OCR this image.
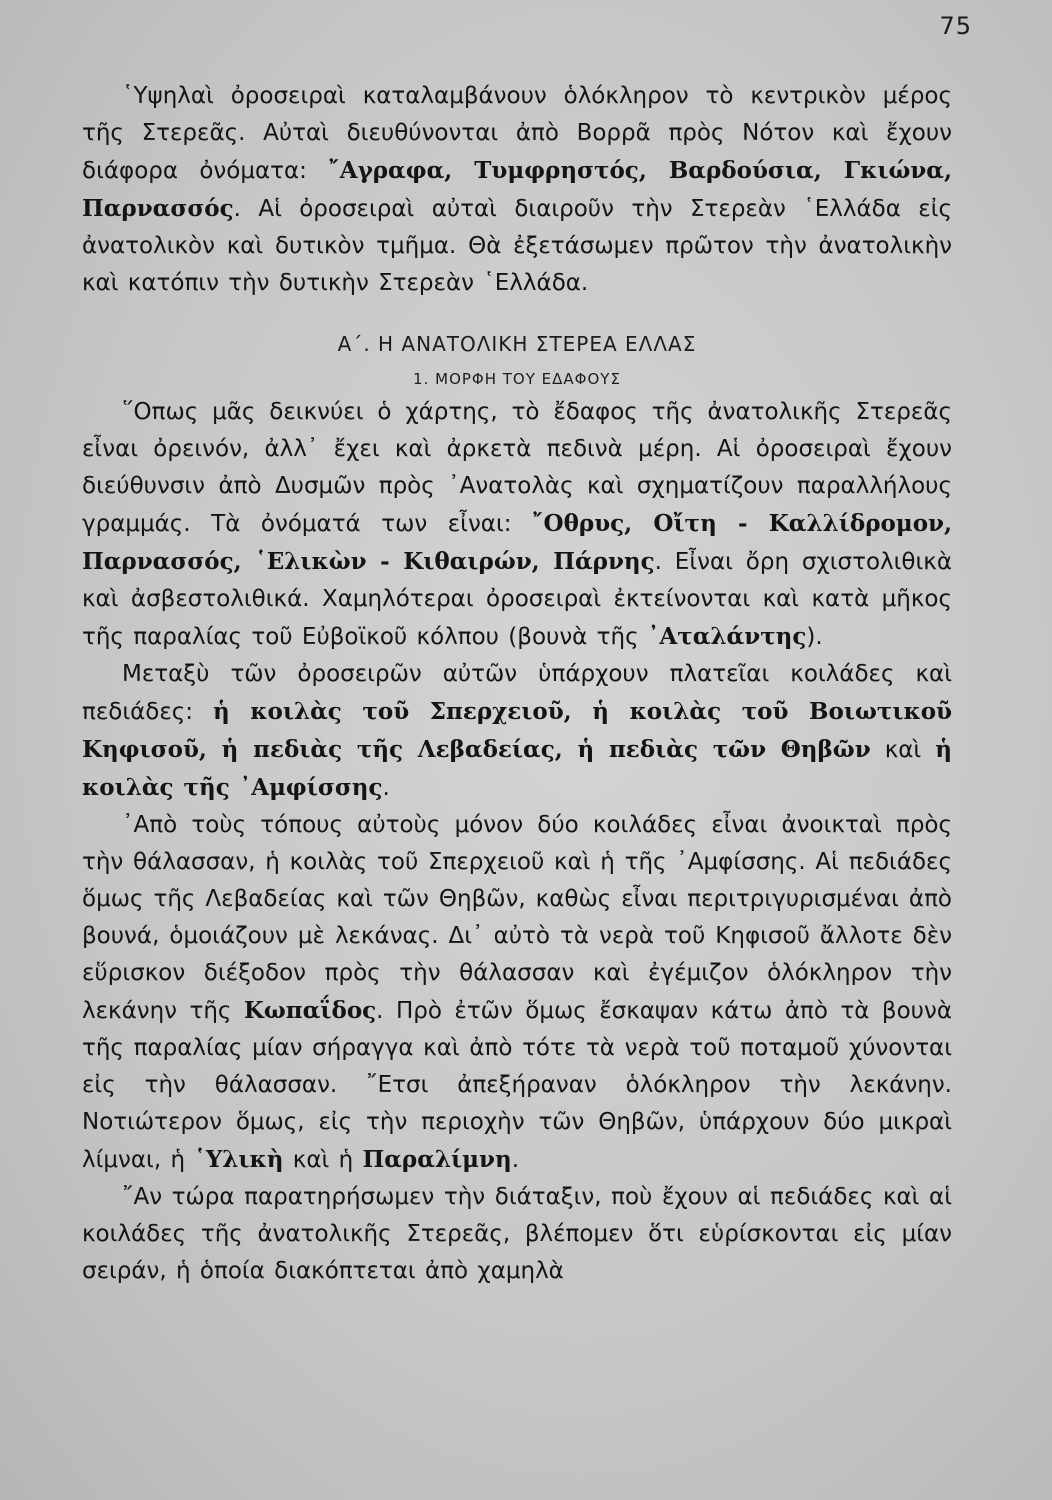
75

῾Υψηλαὶ ὀροσειραὶ καταλαμβάνουν ὁλόκληρον τὸ κεντρικὸν μέρος τῆς Στερεᾶς. Αὐταὶ διευθύνονται ἀπὸ Βορρᾶ πρὸς Νότον καὶ ἔχουν διάφορα ὀνόματα: ῎Αγραφα, Τυμφρηστός, Βαρδούσια, Γκιώνα, Παρνασσός. Αἱ ὀροσειραὶ αὐταὶ διαιροῦν τὴν Στερεὰν ῾Ελλάδα εἰς ἀνατολικὸν καὶ δυτικὸν τμῆμα. Θὰ ἐξετάσωμεν πρῶτον τὴν ἀνατολικὴν καὶ κατόπιν τὴν δυτικὴν Στερεὰν ῾Ελλάδα.

Α΄. Η ΑΝΑΤΟΛΙΚΗ ΣΤΕΡΕΑ ΕΛΛΑΣ
1. ΜΟΡΦΗ ΤΟΥ ΕΔΑΦΟΥΣ

῞Οπως μᾶς δεικνύει ὁ χάρτης, τὸ ἔδαφος τῆς ἀνατολικῆς Στερεᾶς εἶναι ὀρεινόν, ἀλλ᾽ ἔχει καὶ ἀρκετὰ πεδινὰ μέρη. Αἱ ὀροσειραὶ ἔχουν διεύθυνσιν ἀπὸ Δυσμῶν πρὸς ᾿Ανατολὰς καὶ σχηματίζουν παραλλήλους γραμμάς. Τὰ ὀνόματά των εἶναι: ῎Οθρυς, Οἴτη - Καλλίδρομον, Παρνασσός, ῾Ελικὼν - Κιθαιρών, Πάρνης. Εἶναι ὄρη σχιστολιθικὰ καὶ ἀσβεστολιθικά. Χαμηλότεραι ὀροσειραὶ ἐκτείνονται καὶ κατὰ μῆκος τῆς παραλίας τοῦ Εὐβοϊκοῦ κόλπου (βουνὰ τῆς ᾿Αταλάντης).

Μεταξὺ τῶν ὀροσειρῶν αὐτῶν ὑπάρχουν πλατεῖαι κοιλάδες καὶ πεδιάδες: ἡ κοιλὰς τοῦ Σπερχειοῦ, ἡ κοιλὰς τοῦ Βοιωτικοῦ Κηφισοῦ, ἡ πεδιὰς τῆς Λεβαδείας, ἡ πεδιὰς τῶν Θηβῶν καὶ ἡ κοιλὰς τῆς ᾿Αμφίσσης.

᾿Απὸ τοὺς τόπους αὐτοὺς μόνον δύο κοιλάδες εἶναι ἀνοικταὶ πρὸς τὴν θάλασσαν, ἡ κοιλὰς τοῦ Σπερχειοῦ καὶ ἡ τῆς ᾿Αμφίσσης. Αἱ πεδιάδες ὅμως τῆς Λεβαδείας καὶ τῶν Θηβῶν, καθὼς εἶναι περιτριγυρισμέναι ἀπὸ βουνά, ὁμοιάζουν μὲ λεκάνας. Δι᾽ αὐτὸ τὰ νερὰ τοῦ Κηφισοῦ ἄλλοτε δὲν εὕρισκον διέξοδον πρὸς τὴν θάλασσαν καὶ ἐγέμιζον ὁλόκληρον τὴν λεκάνην τῆς Κωπαΐδος. Πρὸ ἐτῶν ὅμως ἔσκαψαν κάτω ἀπὸ τὰ βουνὰ τῆς παραλίας μίαν σήραγγα καὶ ἀπὸ τότε τὰ νερὰ τοῦ ποταμοῦ χύνονται εἰς τὴν θάλασσαν. ῎Ετσι ἀπεξήραναν ὁλόκληρον τὴν λεκάνην. Νοτιώτερον ὅμως, εἰς τὴν περιοχὴν τῶν Θηβῶν, ὑπάρχουν δύο μικραὶ λίμναι, ἡ ῾Υλικὴ καὶ ἡ Παραλίμνη.

῎Αν τώρα παρατηρήσωμεν τὴν διάταξιν, ποὺ ἔχουν αἱ πεδιάδες καὶ αἱ κοιλάδες τῆς ἀνατολικῆς Στερεᾶς, βλέπομεν ὅτι εὑρίσκονται εἰς μίαν σειράν, ἡ ὁποία διακόπτεται ἀπὸ χαμηλὰ
